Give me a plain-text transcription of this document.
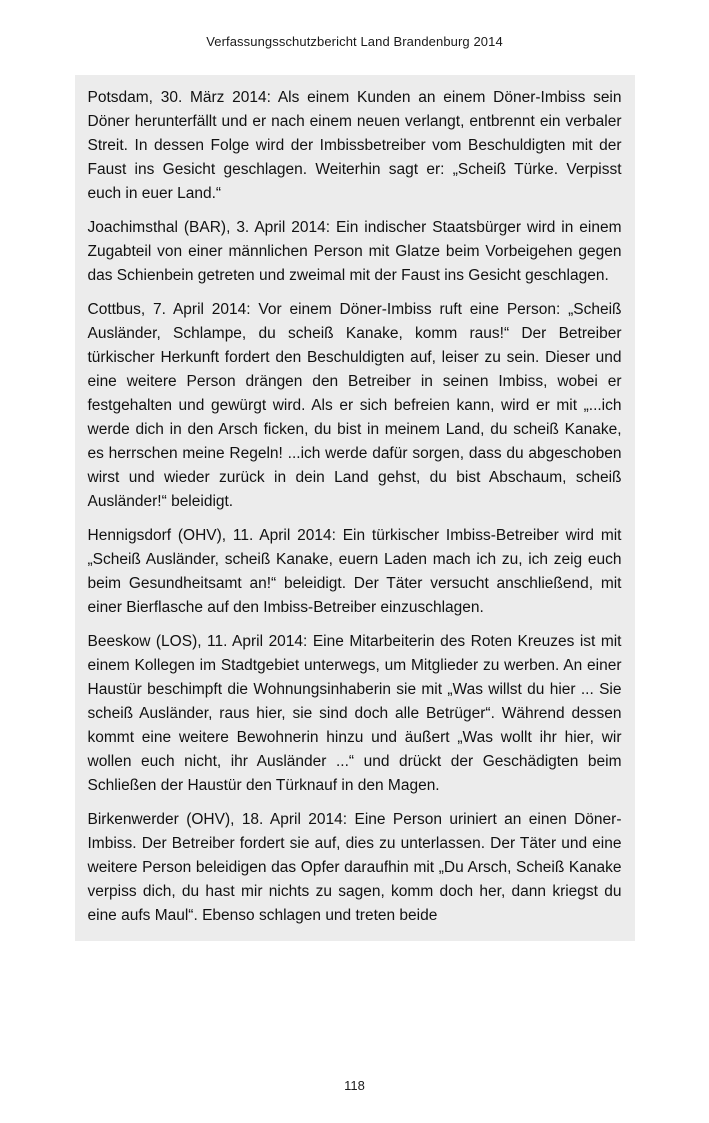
Verfassungsschutzbericht Land Brandenburg 2014

Potsdam, 30. März 2014: Als einem Kunden an einem Döner-Imbiss sein Döner herunterfällt und er nach einem neuen verlangt, entbrennt ein verbaler Streit. In dessen Folge wird der Imbissbetreiber vom Beschuldigten mit der Faust ins Gesicht geschlagen. Weiterhin sagt er: „Scheiß Türke. Verpisst euch in euer Land.“

Joachimsthal (BAR), 3. April 2014: Ein indischer Staatsbürger wird in einem Zugabteil von einer männlichen Person mit Glatze beim Vorbeigehen gegen das Schienbein getreten und zweimal mit der Faust ins Gesicht geschlagen.

Cottbus, 7. April 2014: Vor einem Döner-Imbiss ruft eine Person: „Scheiß Ausländer, Schlampe, du scheiß Kanake, komm raus!“ Der Betreiber türkischer Herkunft fordert den Beschuldigten auf, leiser zu sein. Dieser und eine weitere Person drängen den Betreiber in seinen Imbiss, wobei er festgehalten und gewürgt wird. Als er sich befreien kann, wird er mit „...ich werde dich in den Arsch ficken, du bist in meinem Land, du scheiß Kanake, es herrschen meine Regeln! ...ich werde dafür sorgen, dass du abgeschoben wirst und wieder zurück in dein Land gehst, du bist Abschaum, scheiß Ausländer!“ beleidigt.

Hennigsdorf (OHV), 11. April 2014: Ein türkischer Imbiss-Betreiber wird mit „Scheiß Ausländer, scheiß Kanake, euern Laden mach ich zu, ich zeig euch beim Gesundheitsamt an!“ beleidigt. Der Täter versucht anschließend, mit einer Bierflasche auf den Imbiss-Betreiber einzuschlagen.

Beeskow (LOS), 11. April 2014: Eine Mitarbeiterin des Roten Kreuzes ist mit einem Kollegen im Stadtgebiet unterwegs, um Mitglieder zu werben. An einer Haustür beschimpft die Wohnungsinhaberin sie mit „Was willst du hier ... Sie scheiß Ausländer, raus hier, sie sind doch alle Betrüger“. Während dessen kommt eine weitere Bewohnerin hinzu und äußert „Was wollt ihr hier, wir wollen euch nicht, ihr Ausländer ...“ und drückt der Geschädigten beim Schließen der Haustür den Türknauf in den Magen.

Birkenwerder (OHV), 18. April 2014: Eine Person uriniert an einen Döner-Imbiss. Der Betreiber fordert sie auf, dies zu unterlassen. Der Täter und eine weitere Person beleidigen das Opfer daraufhin mit „Du Arsch, Scheiß Kanake verpiss dich, du hast mir nichts zu sagen, komm doch her, dann kriegst du eine aufs Maul“. Ebenso schlagen und treten beide

118
